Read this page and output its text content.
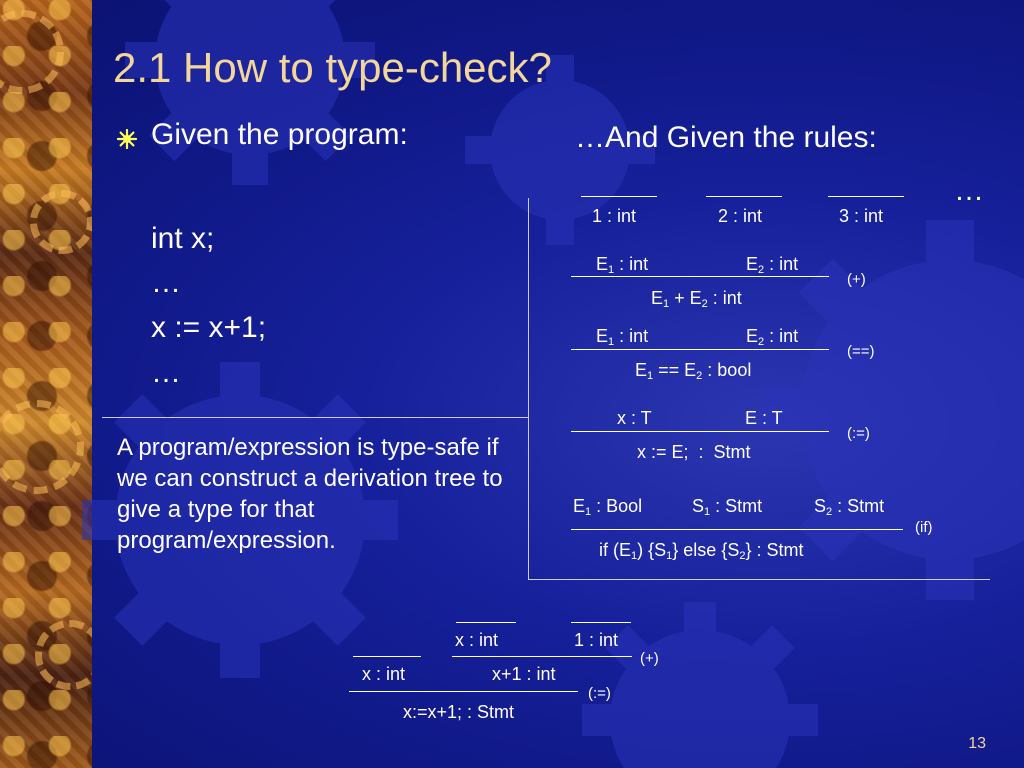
2.1 How to type-check?
Given the program:	…And Given the rules:
…
int x;
…
x := x+1;
…
A program/expression is type-safe if we can construct a derivation tree to give a type for that program/expression.
1 : int	2 : int	3 : int
$E_1$ : int	$E_2$ : int
(+)
$E_1 + E_2$ : int
$E_1$ : int	$E_2$ : int
(==)
$E_1 == E_2$ : bool
x : T	E : T
(:=)
x := E;  :  Stmt
$E_1$ : Bool	$S_1$ : Stmt	$S_2$ : Stmt
(if)
if $(E_1)$ $\{S_1\}$ else $\{S_2\}$ : Stmt
x : int	1 : int
(+)
x : int	x+1 : int
(:=)
x:=x+1; : Stmt
13
